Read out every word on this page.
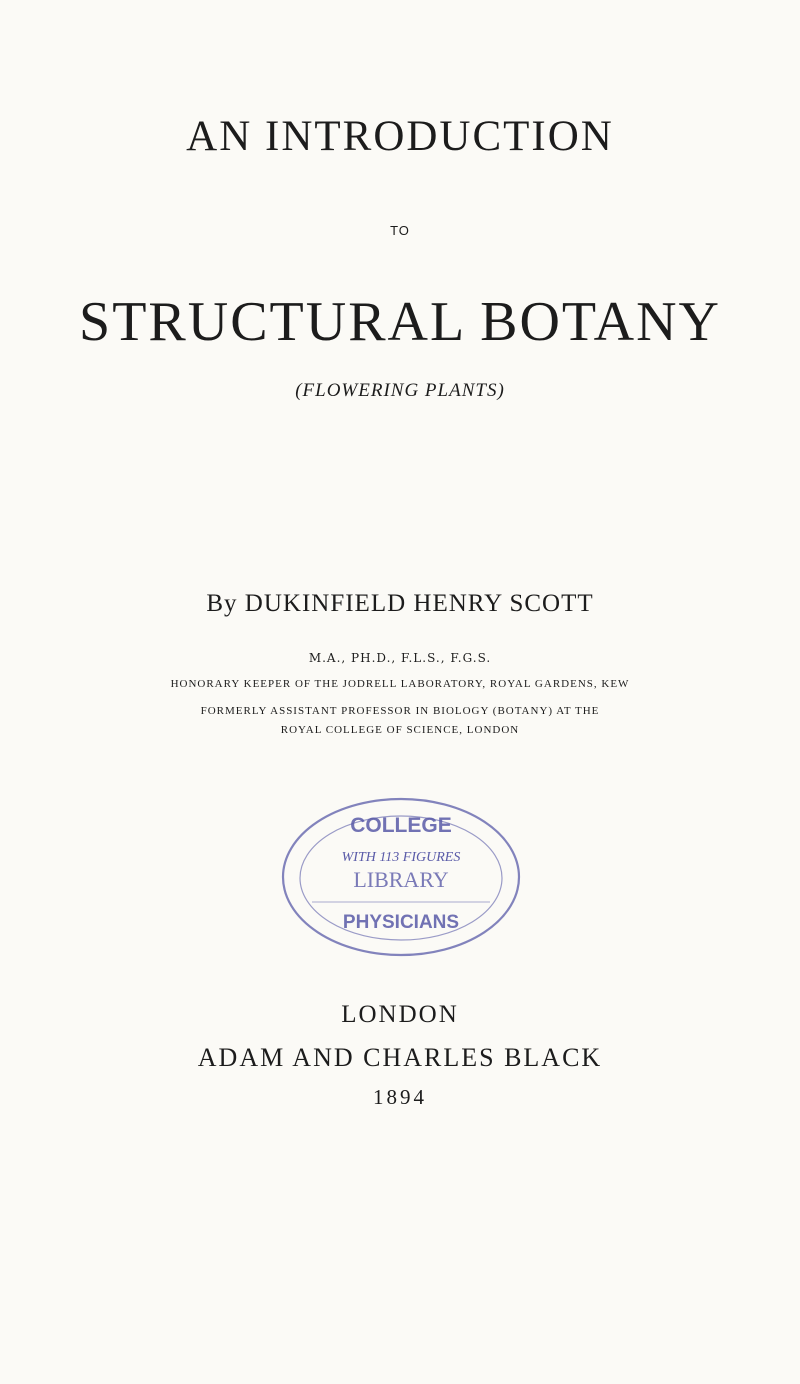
AN INTRODUCTION
TO
STRUCTURAL BOTANY
(FLOWERING PLANTS)
By DUKINFIELD HENRY SCOTT
M.A., PH.D., F.L.S., F.G.S.
HONORARY KEEPER OF THE JODRELL LABORATORY, ROYAL GARDENS, KEW
FORMERLY ASSISTANT PROFESSOR IN BIOLOGY (BOTANY) AT THE
ROYAL COLLEGE OF SCIENCE, LONDON
COLLEGE
WITH 113 FIGURES
LIBRARY
PHYSICIANS
LONDON
ADAM AND CHARLES BLACK
1894
